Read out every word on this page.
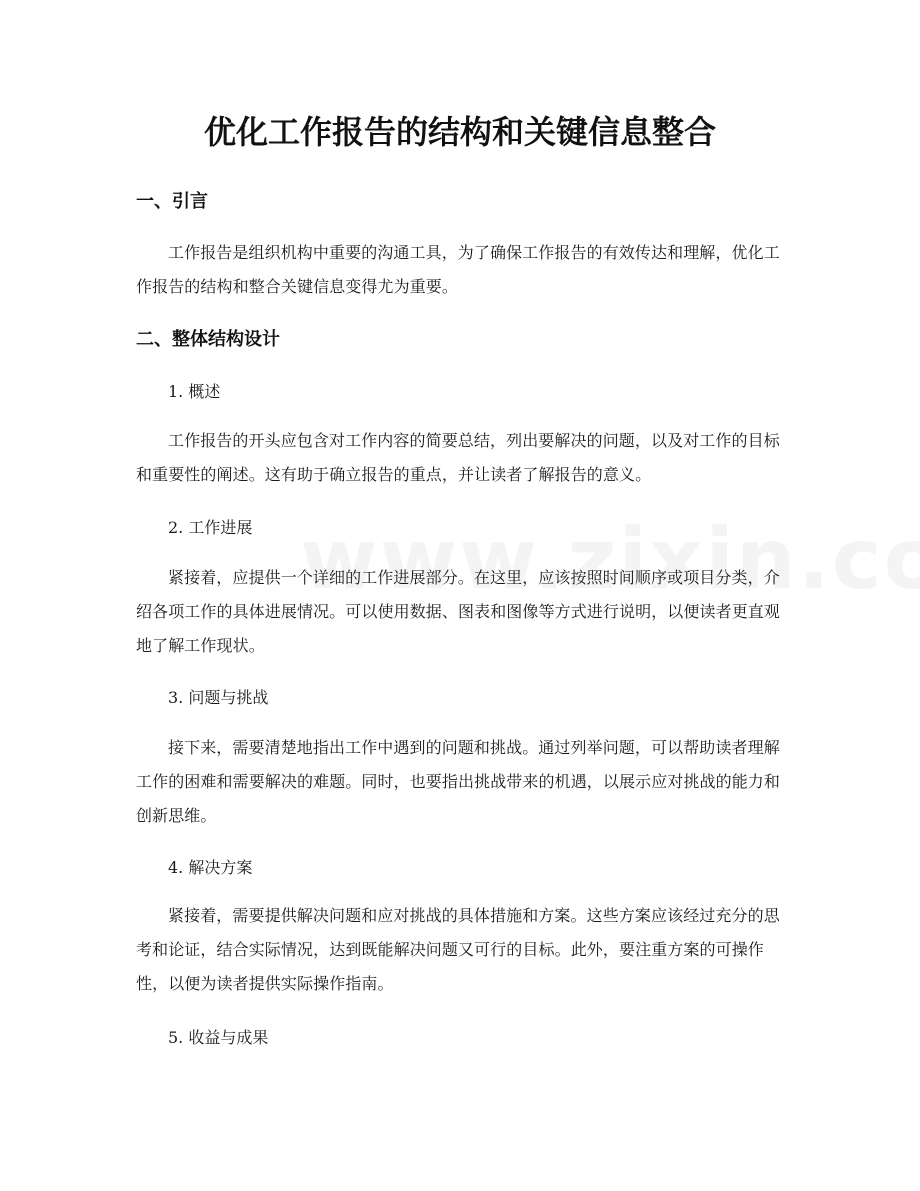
优化工作报告的结构和关键信息整合
一、引言
工作报告是组织机构中重要的沟通工具，为了确保工作报告的有效传达和理解，优化工作报告的结构和整合关键信息变得尤为重要。
二、整体结构设计
1. 概述
工作报告的开头应包含对工作内容的简要总结，列出要解决的问题，以及对工作的目标和重要性的阐述。这有助于确立报告的重点，并让读者了解报告的意义。
2. 工作进展
紧接着，应提供一个详细的工作进展部分。在这里，应该按照时间顺序或项目分类，介绍各项工作的具体进展情况。可以使用数据、图表和图像等方式进行说明，以便读者更直观地了解工作现状。
3. 问题与挑战
接下来，需要清楚地指出工作中遇到的问题和挑战。通过列举问题，可以帮助读者理解工作的困难和需要解决的难题。同时，也要指出挑战带来的机遇，以展示应对挑战的能力和创新思维。
4. 解决方案
紧接着，需要提供解决问题和应对挑战的具体措施和方案。这些方案应该经过充分的思考和论证，结合实际情况，达到既能解决问题又可行的目标。此外，要注重方案的可操作性，以便为读者提供实际操作指南。
5. 收益与成果
